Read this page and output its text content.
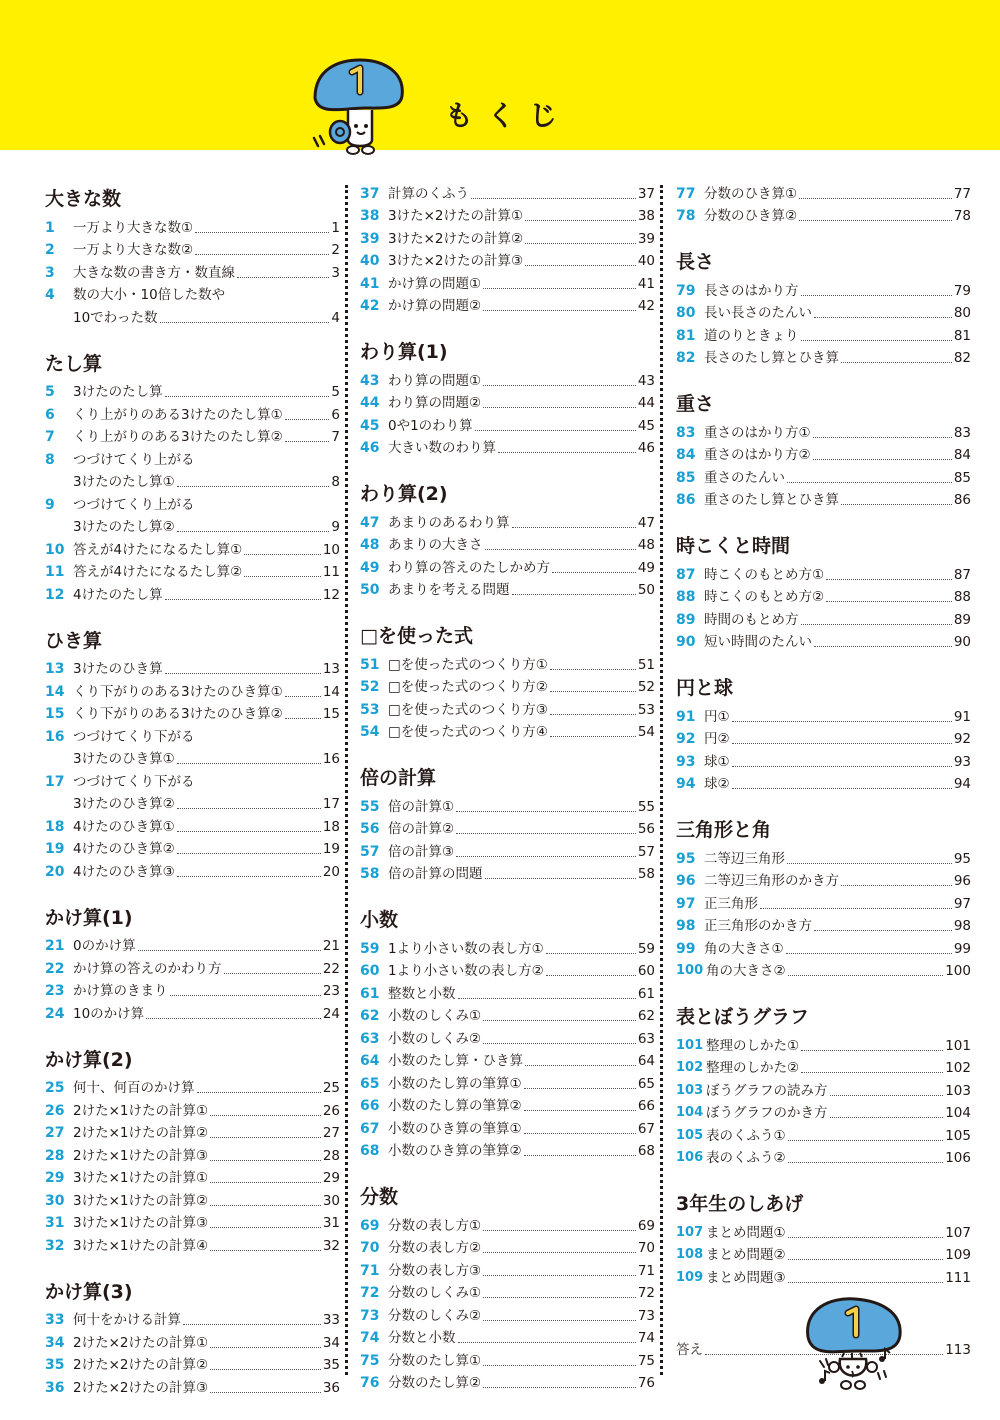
もくじ
大きな数
1	一万より大きな数①	1
2	一万より大きな数②	2
3	大きな数の書き方・数直線	3
4	数の大小・10倍した数や
10でわった数	4
たし算
5	3けたのたし算	5
6	くり上がりのある3けたのたし算①	6
7	くり上がりのある3けたのたし算②	7
8	つづけてくり上がる
3けたのたし算①	8
9	つづけてくり上がる
3けたのたし算②	9
10 答えが4けたになるたし算①	10
11 答えが4けたになるたし算②	11
12 4けたのたし算	12
ひき算
13 3けたのひき算	13
14 くり下がりのある3けたのひき算①	14
15 くり下がりのある3けたのひき算②	15
16 つづけてくり下がる
3けたのひき算①	16
17 つづけてくり下がる
3けたのひき算②	17
18 4けたのひき算①	18
19 4けたのひき算②	19
20 4けたのひき算③	20
かけ算(1)
21 0のかけ算	21
22 かけ算の答えのかわり方	22
23 かけ算のきまり	23
24 10のかけ算	24
かけ算(2)
25 何十、何百のかけ算	25
26 2けた×1けたの計算①	26
27 2けた×1けたの計算②	27
28 2けた×1けたの計算③	28
29 3けた×1けたの計算①	29
30 3けた×1けたの計算②	30
31 3けた×1けたの計算③	31
32 3けた×1けたの計算④	32
かけ算(3)
33 何十をかける計算	33
34 2けた×2けたの計算①	34
35 2けた×2けたの計算②	35
36 2けた×2けたの計算③	36
37 計算のくふう	37
38 3けた×2けたの計算①	38
39 3けた×2けたの計算②	39
40 3けた×2けたの計算③	40
41 かけ算の問題①	41
42 かけ算の問題②	42
わり算(1)
43 わり算の問題①	43
44 わり算の問題②	44
45 0や1のわり算	45
46 大きい数のわり算	46
わり算(2)
47 あまりのあるわり算	47
48 あまりの大きさ	48
49 わり算の答えのたしかめ方	49
50 あまりを考える問題	50
□を使った式
51 □を使った式のつくり方①	51
52 □を使った式のつくり方②	52
53 □を使った式のつくり方③	53
54 □を使った式のつくり方④	54
倍の計算
55 倍の計算①	55
56 倍の計算②	56
57 倍の計算③	57
58 倍の計算の問題	58
小数
59 1より小さい数の表し方①	59
60 1より小さい数の表し方②	60
61 整数と小数	61
62 小数のしくみ①	62
63 小数のしくみ②	63
64 小数のたし算・ひき算	64
65 小数のたし算の筆算①	65
66 小数のたし算の筆算②	66
67 小数のひき算の筆算①	67
68 小数のひき算の筆算②	68
分数
69 分数の表し方①	69
70 分数の表し方②	70
71 分数の表し方③	71
72 分数のしくみ①	72
73 分数のしくみ②	73
74 分数と小数	74
75 分数のたし算①	75
76 分数のたし算②	76
77 分数のひき算①	77
78 分数のひき算②	78
長さ
79 長さのはかり方	79
80 長い長さのたんい	80
81 道のりときょり	81
82 長さのたし算とひき算	82
重さ
83 重さのはかり方①	83
84 重さのはかり方②	84
85 重さのたんい	85
86 重さのたし算とひき算	86
時こくと時間
87 時こくのもとめ方①	87
88 時こくのもとめ方②	88
89 時間のもとめ方	89
90 短い時間のたんい	90
円と球
91 円①	91
92 円②	92
93 球①	93
94 球②	94
三角形と角
95 二等辺三角形	95
96 二等辺三角形のかき方	96
97 正三角形	97
98 正三角形のかき方	98
99 角の大きさ①	99
100 角の大きさ②	100
表とぼうグラフ
101 整理のしかた①	101
102 整理のしかた②	102
103 ぼうグラフの読み方	103
104 ぼうグラフのかき方	104
105 表のくふう①	105
106 表のくふう②	106
3年生のしあげ
107 まとめ問題①	107
108 まとめ問題②	109
109 まとめ問題③	111
答え	113
